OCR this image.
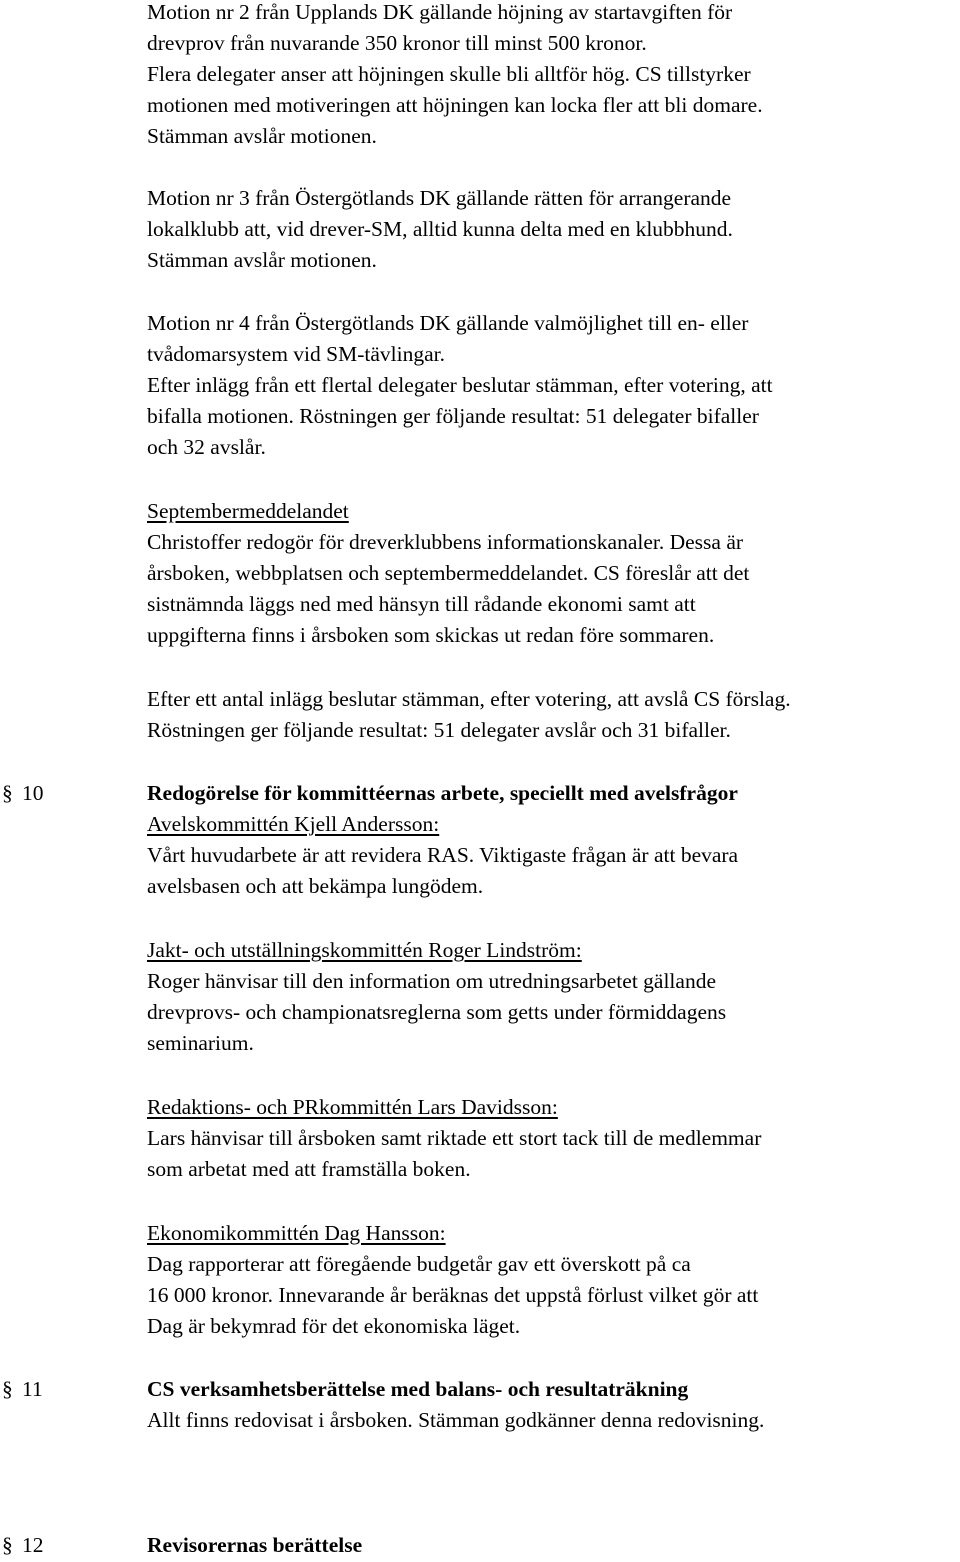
Motion nr 2 från Upplands DK gällande höjning av startavgiften för
drevprov från nuvarande 350 kronor till minst 500 kronor.
Flera delegater anser att höjningen skulle bli alltför hög. CS tillstyrker
motionen med motiveringen att höjningen kan locka fler att bli domare.
Stämman avslår motionen.
Motion nr 3 från Östergötlands DK gällande rätten för arrangerande
lokalklubb att, vid drever-SM, alltid kunna delta med en klubbhund.
Stämman avslår motionen.
Motion nr 4 från Östergötlands DK gällande valmöjlighet till en- eller
tvådomarsystem vid SM-tävlingar.
Efter inlägg från ett flertal delegater beslutar stämman, efter votering, att
bifalla motionen. Röstningen ger följande resultat: 51 delegater bifaller
och 32 avslår.
Septembermeddelandet
Christoffer redogör för dreverklubbens informationskanaler. Dessa är
årsboken, webbplatsen och septembermeddelandet. CS föreslår att det
sistnämnda läggs ned med hänsyn till rådande ekonomi samt att
uppgifterna finns i årsboken som skickas ut redan före sommaren.
Efter ett antal inlägg beslutar stämman, efter votering, att avslå CS förslag.
Röstningen ger följande resultat: 51 delegater avslår och 31 bifaller.
§ 10	Redogörelse för kommittéernas arbete, speciellt med avelsfrågor
Avelskommittén Kjell Andersson:
Vårt huvudarbete är att revidera RAS. Viktigaste frågan är att bevara
avelsbasen och att bekämpa lungödem.
Jakt- och utställningskommittén Roger Lindström:
Roger hänvisar till den information om utredningsarbetet gällande
drevprovs- och championatsreglerna som getts under förmiddagens
seminarium.
Redaktions- och PRkommittén Lars Davidsson:
Lars hänvisar till årsboken samt riktade ett stort tack till de medlemmar
som arbetat med att framställa boken.
Ekonomikommittén Dag Hansson:
Dag rapporterar att föregående budgetår gav ett överskott på ca
16 000 kronor. Innevarande år beräknas det uppstå förlust vilket gör att
Dag är bekymrad för det ekonomiska läget.
§ 11	CS verksamhetsberättelse med balans- och resultaträkning
Allt finns redovisat i årsboken. Stämman godkänner denna redovisning.
§ 12	Revisorernas berättelse
